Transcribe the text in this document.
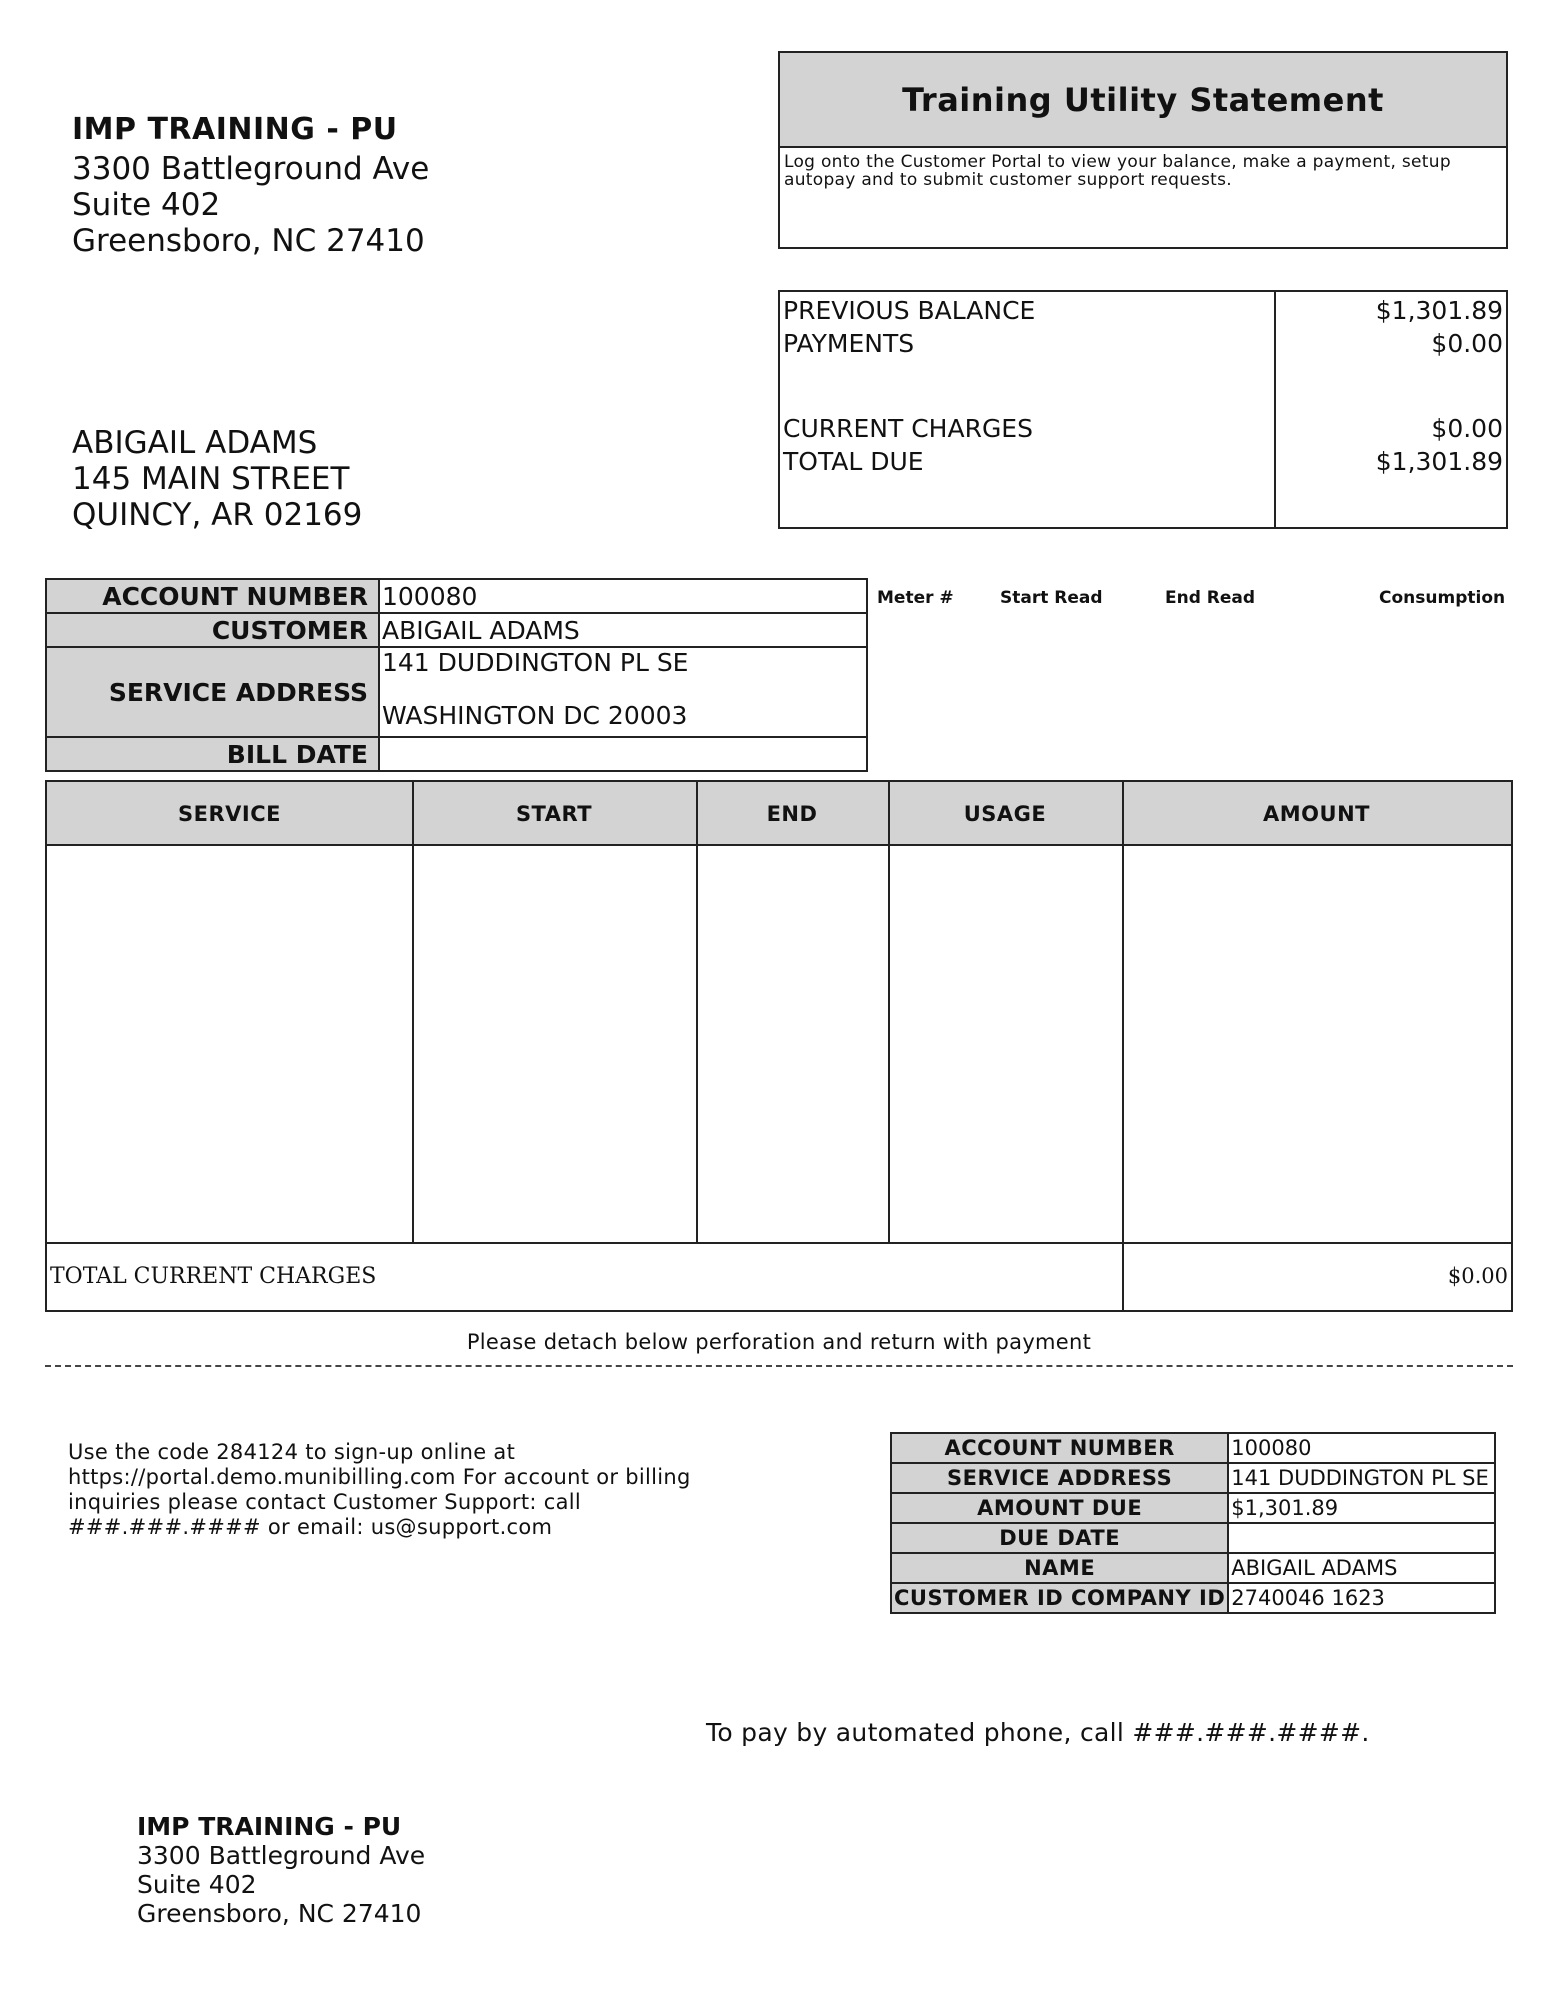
IMP TRAINING - PU
3300 Battleground Ave
Suite 402
Greensboro, NC 27410
Training Utility Statement
Log onto the Customer Portal to view your balance, make a payment, setup autopay and to submit customer support requests.
PREVIOUS BALANCE	$1,301.89
PAYMENTS	$0.00
CURRENT CHARGES	$0.00
TOTAL DUE	$1,301.89
ABIGAIL ADAMS
145 MAIN STREET
QUINCY, AR 02169
ACCOUNT NUMBER	100080
CUSTOMER	ABIGAIL ADAMS
SERVICE ADDRESS	141 DUDDINGTON PL SE
WASHINGTON DC 20003

BILL DATE	
Meter #	Start Read	End Read	Consumption
SERVICE	START	END	USAGE	AMOUNT
TOTAL CURRENT CHARGES	$0.00
Please detach below perforation and return with payment
Use the code 284124 to sign-up online at https://portal.demo.munibilling.com For account or billing inquiries please contact Customer Support: call ###.###.#### or email: us@support.com
ACCOUNT NUMBER	100080
SERVICE ADDRESS	141 DUDDINGTON PL SE
AMOUNT DUE	$1,301.89
DUE DATE	
NAME	ABIGAIL ADAMS
CUSTOMER ID COMPANY ID	2740046 1623
To pay by automated phone, call ###.###.####.
IMP TRAINING - PU
3300 Battleground Ave
Suite 402
Greensboro, NC 27410
